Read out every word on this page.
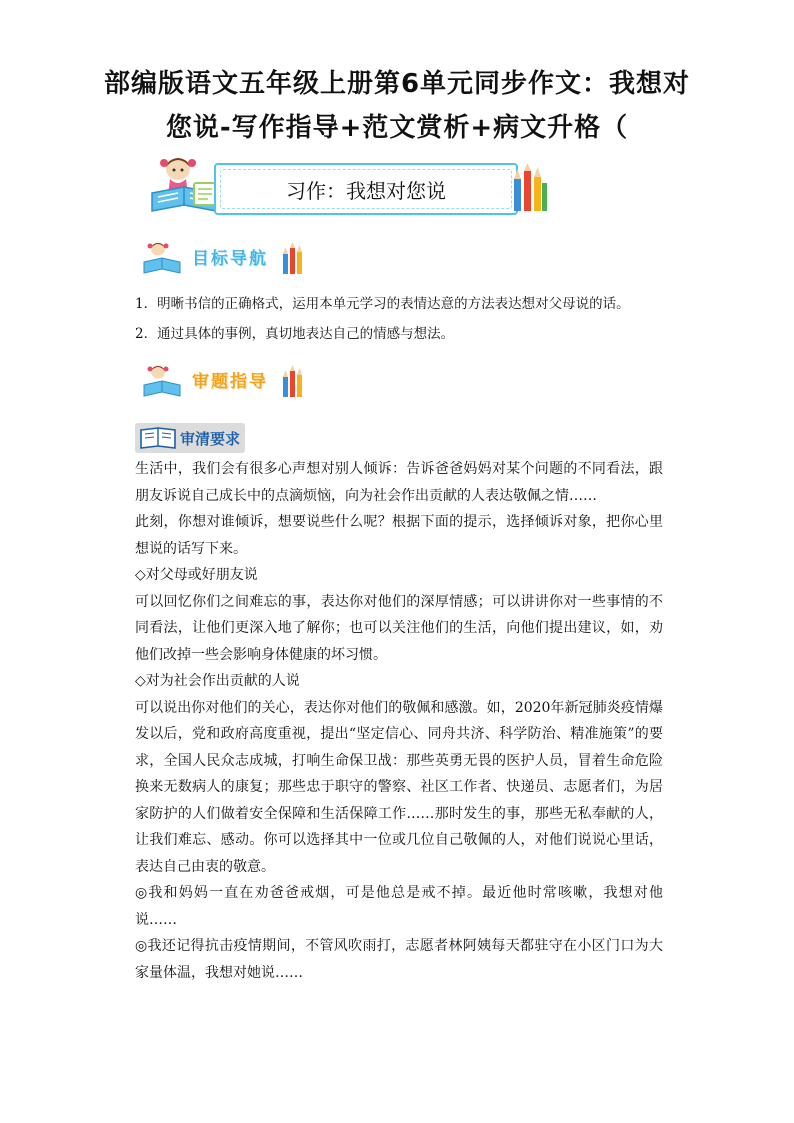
部编版语文五年级上册第6单元同步作文：我想对您说-写作指导+范文赏析+病文升格（
习作：我想对您说
目标导航
1．明晰书信的正确格式，运用本单元学习的表情达意的方法表达想对父母说的话。
2．通过具体的事例，真切地表达自己的情感与想法。
审题指导
审清要求

生活中，我们会有很多心声想对别人倾诉：告诉爸爸妈妈对某个问题的不同看法，跟朋友诉说自己成长中的点滴烦恼，向为社会作出贡献的人表达敬佩之情……

此刻，你想对谁倾诉，想要说些什么呢？根据下面的提示，选择倾诉对象，把你心里想说的话写下来。

◇对父母或好朋友说

可以回忆你们之间难忘的事，表达你对他们的深厚情感；可以讲讲你对一些事情的不同看法，让他们更深入地了解你；也可以关注他们的生活，向他们提出建议，如，劝他们改掉一些会影响身体健康的坏习惯。

◇对为社会作出贡献的人说

可以说出你对他们的关心，表达你对他们的敬佩和感激。如，2020年新冠肺炎疫情爆发以后，党和政府高度重视，提出“坚定信心、同舟共济、科学防治、精准施策”的要求，全国人民众志成城，打响生命保卫战：那些英勇无畏的医护人员，冒着生命危险换来无数病人的康复；那些忠于职守的警察、社区工作者、快递员、志愿者们，为居家防护的人们做着安全保障和生活保障工作……那时发生的事，那些无私奉献的人，让我们难忘、感动。你可以选择其中一位或几位自己敬佩的人，对他们说说心里话，表达自己由衷的敬意。

◎我和妈妈一直在劝爸爸戒烟，可是他总是戒不掉。最近他时常咳嗽，我想对他说……

◎我还记得抗击疫情期间，不管风吹雨打，志愿者林阿姨每天都驻守在小区门口为大家量体温，我想对她说……
